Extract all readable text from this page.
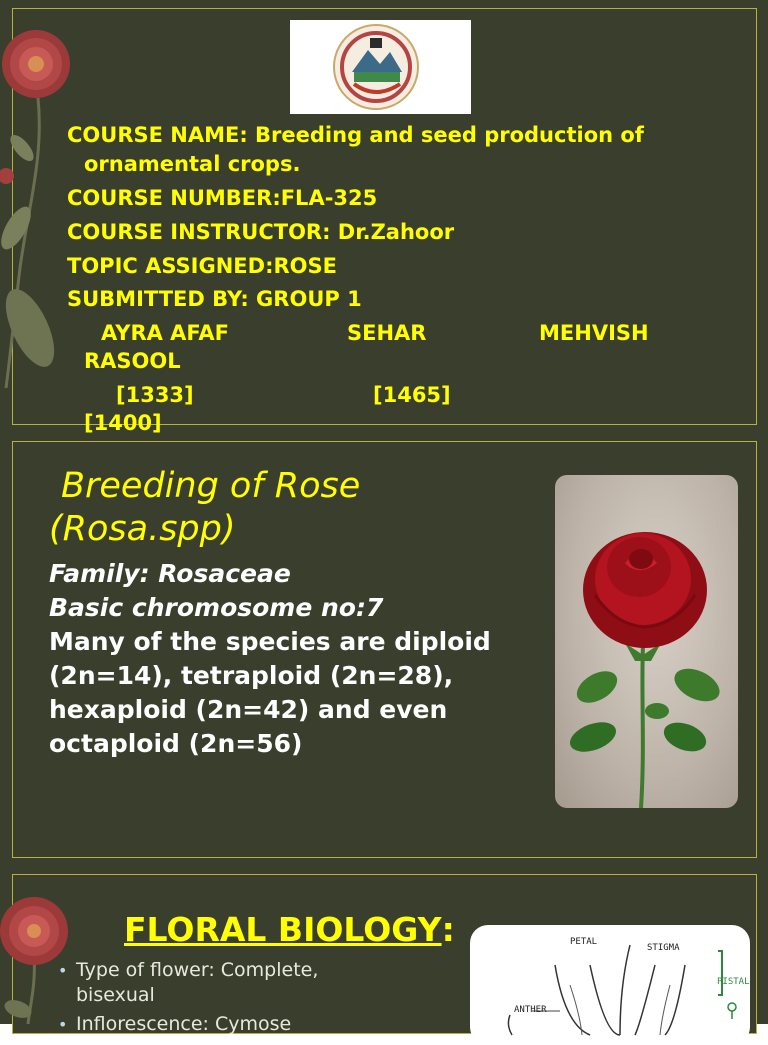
COURSE NAME: Breeding and seed production of
ornamental crops.
COURSE NUMBER:FLA-325
COURSE INSTRUCTOR: Dr.Zahoor
TOPIC ASSIGNED:ROSE
SUBMITTED BY: GROUP 1
AYRA AFAF	SEHAR	MEHVISH
RASOOL
[1333]	[1465]
[1400]
Breeding of Rose
(Rosa.spp)
Family: Rosaceae
Basic chromosome no:7
Many of the species are diploid (2n=14), tetraploid (2n=28), hexaploid (2n=42) and even octaploid (2n=56)
FLORAL BIOLOGY:
• Type of flower: Complete, bisexual
• Inflorescence: Cymose
PETAL
STIGMA
PISTAL
ANTHER
